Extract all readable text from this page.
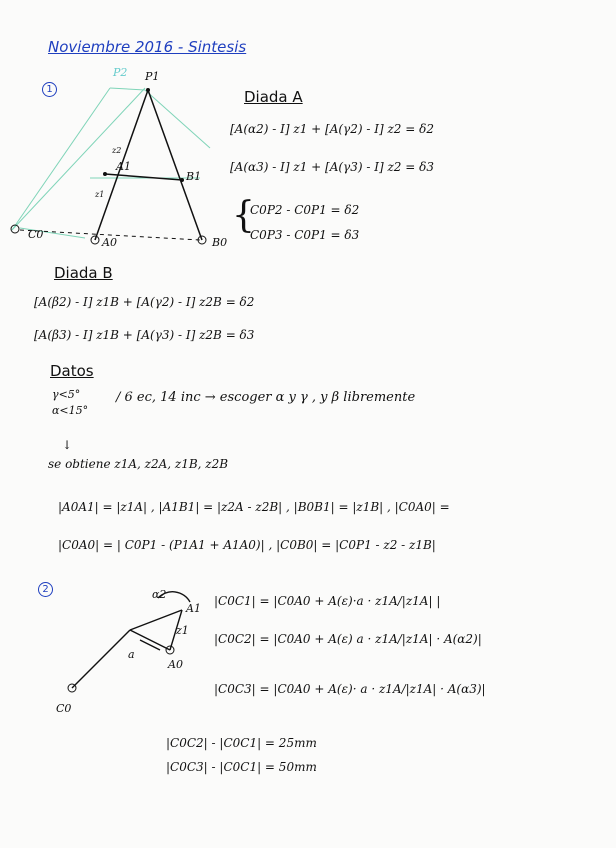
Noviembre 2016 - Sintesis
1
P2 P1
A1
B1
A0	B0
C0
z2
z1
Diada A
[A(α2) - I] z1 + [A(γ2) - I] z2 = δ2
[A(α3) - I] z1 + [A(γ3) - I] z2 = δ3
{
C0P2 - C0P1 = δ2
C0P3 - C0P1 = δ3
Diada B
[A(β2) - I] z1B + [A(γ2) - I] z2B = δ2
[A(β3) - I] z1B + [A(γ3) - I] z2B = δ3
Datos
γ<5°
α<15°
/ 6 ec, 14 inc → escoger α y γ , y β libremente
↓
se obtiene z1A, z2A, z1B, z2B
|A0A1| = |z1A| , |A1B1| = |z2A - z2B| , |B0B1| = |z1B| , |C0A0| =
|C0A0| = | C0P1 - (P1A1 + A1A0)| , |C0B0| = |C0P1 - z2 - z1B|
2	α2
A1
z1
a
A0
C0
|C0C1| = |C0A0 + A(ε)·a · z1A/|z1A| |
|C0C2| = |C0A0 + A(ε) a · z1A/|z1A| · A(α2)|
|C0C3| = |C0A0 + A(ε)· a · z1A/|z1A| · A(α3)|
|C0C2| - |C0C1| = 25mm
|C0C3| - |C0C1| = 50mm
